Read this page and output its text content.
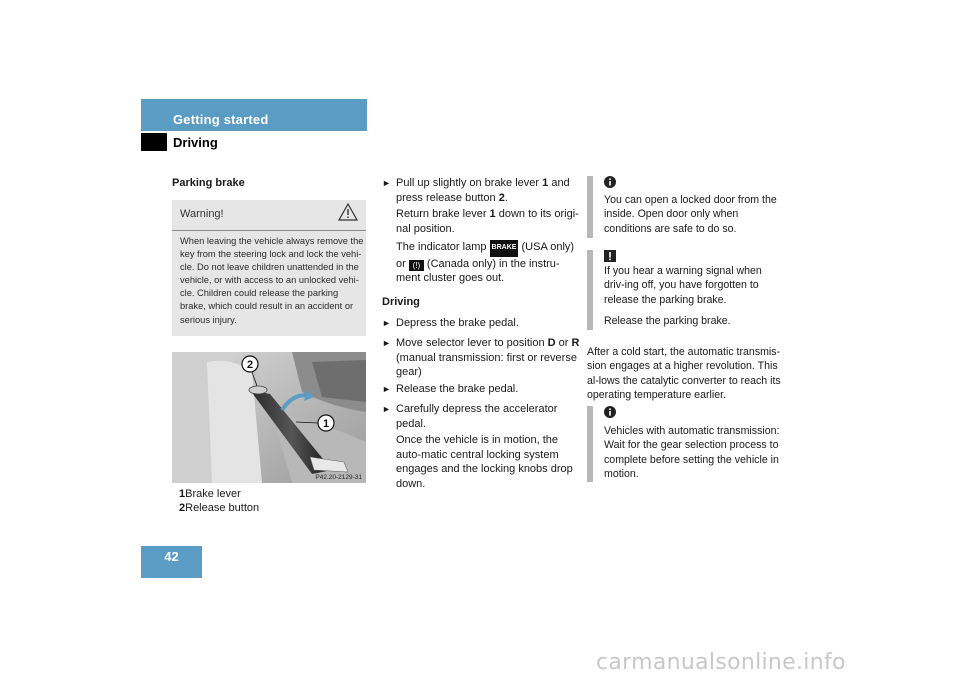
Getting started
Driving
Parking brake
Warning!
When leaving the vehicle always remove the key from the steering lock and lock the vehi-cle. Do not leave children unattended in the vehicle, or with access to an unlocked vehi-cle. Children could release the parking brake, which could result in an accident or serious injury.
2
1
P42.20-2129-31
1Brake lever
2Release button
► Pull up slightly on brake lever 1 and press release button 2.
Return brake lever 1 down to its origi-nal position.
The indicator lamp BRAKE (USA only)
or (!) (Canada only) in the instru-ment cluster goes out.
Driving
► Depress the brake pedal.
► Move selector lever to position D or R (manual transmission: first or reverse gear)
► Release the brake pedal.
► Carefully depress the accelerator pedal.
Once the vehicle is in motion, the auto-matic central locking system engages and the locking knobs drop down.
You can open a locked door from the inside. Open door only when conditions are safe to do so.
If you hear a warning signal when driv-ing off, you have forgotten to release the parking brake.
Release the parking brake.
After a cold start, the automatic transmis-sion engages at a higher revolution. This al-lows the catalytic converter to reach its operating temperature earlier.
Vehicles with automatic transmission: Wait for the gear selection process to complete before setting the vehicle in motion.
42
carmanualsonline.info
